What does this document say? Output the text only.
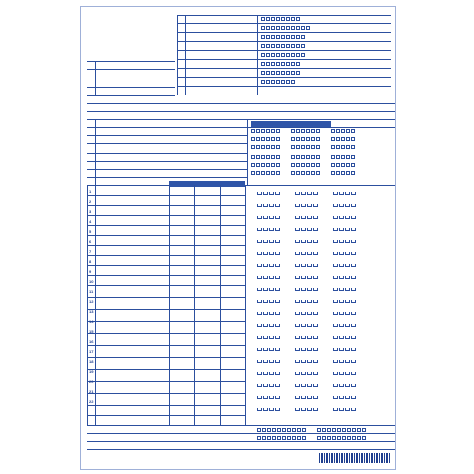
1
2
3
4
5
6
7
8
9
10
11
12
13
14
15
16
17
18
19
20
21
22
